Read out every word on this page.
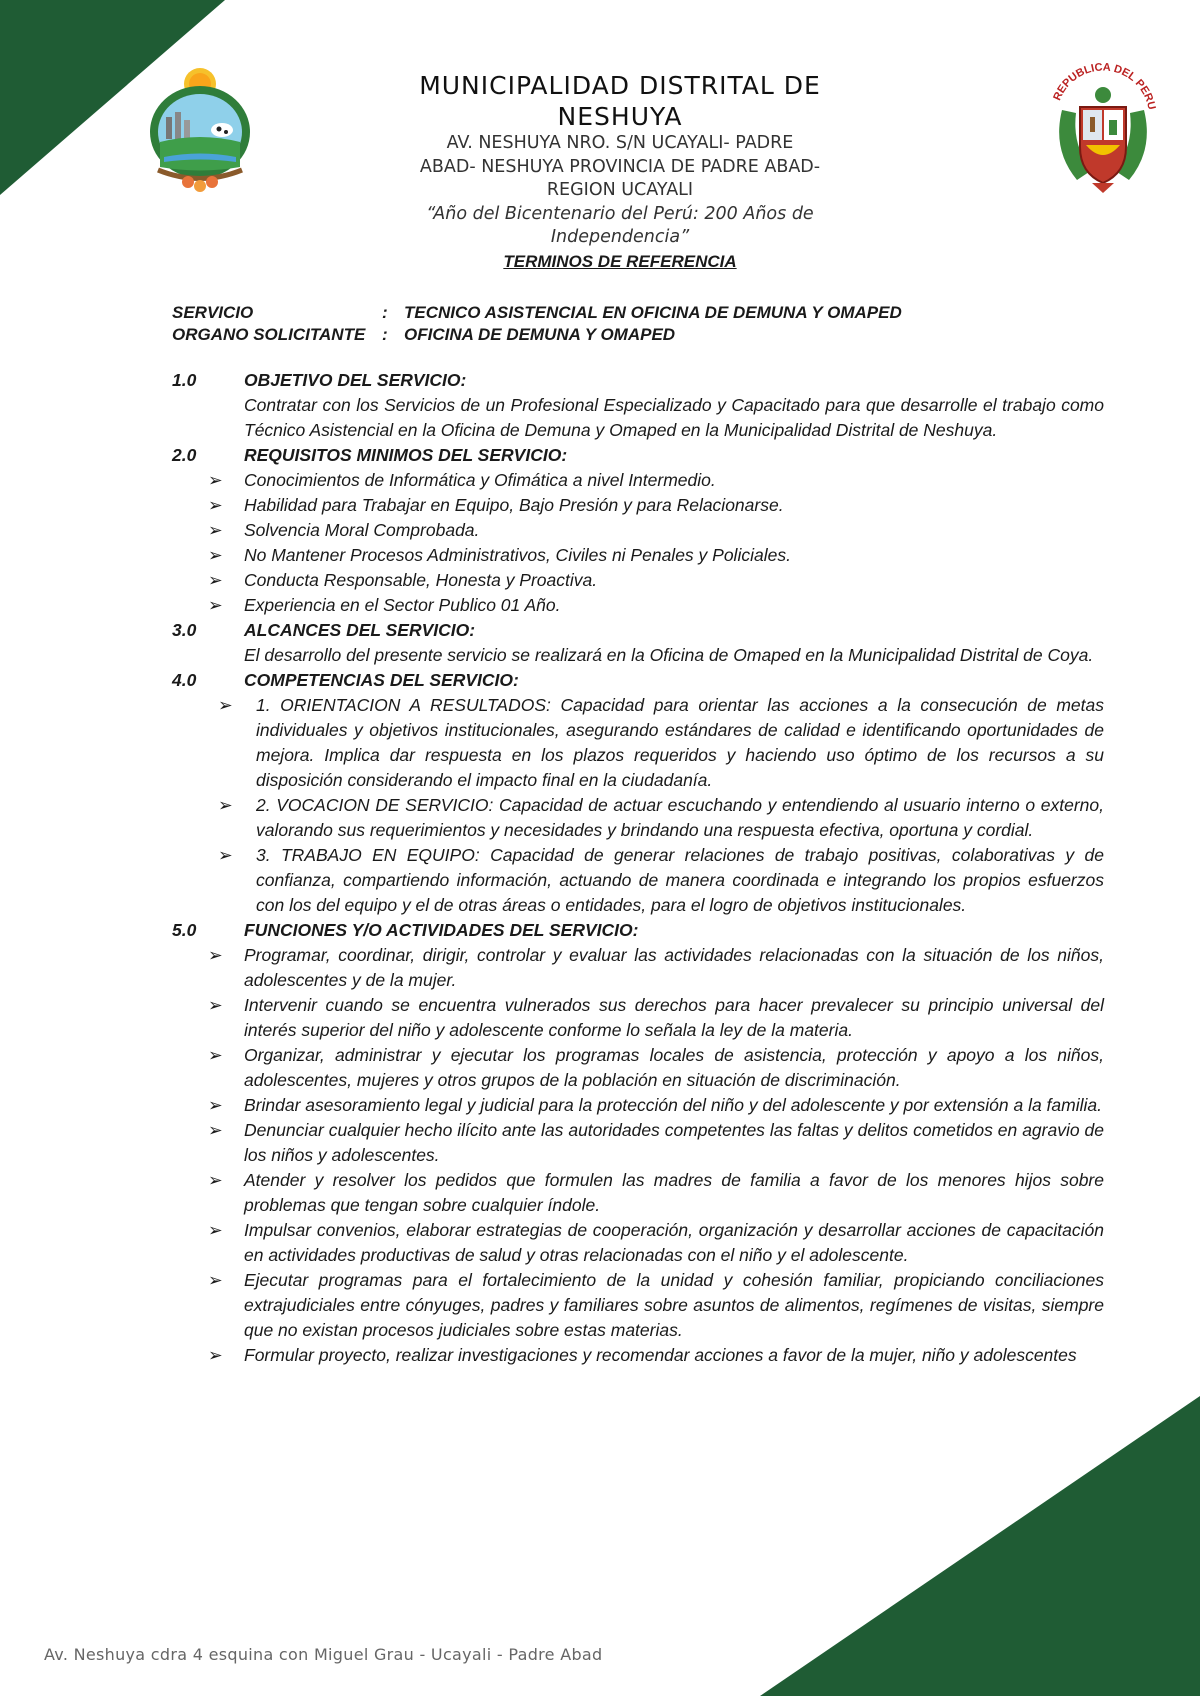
REPUBLICA DEL PERU
MUNICIPALIDAD DISTRITAL DE NESHUYA
AV. NESHUYA NRO. S/N UCAYALI- PADRE
ABAD- NESHUYA PROVINCIA DE PADRE ABAD-
REGION UCAYALI
“Año del Bicentenario del Perú: 200 Años de Independencia”
TERMINOS DE REFERENCIA
SERVICIO	: TECNICO ASISTENCIAL EN OFICINA DE DEMUNA Y OMAPED
ORGANO SOLICITANTE : OFICINA DE DEMUNA Y OMAPED
1.0	OBJETIVO DEL SERVICIO:
Contratar con los Servicios de un Profesional Especializado y Capacitado para que desarrolle el trabajo como Técnico Asistencial en la Oficina de Demuna y Omaped en la Municipalidad Distrital de Neshuya.
2.0	REQUISITOS MINIMOS DEL SERVICIO:
➢ Conocimientos de Informática y Ofimática a nivel Intermedio.
➢ Habilidad para Trabajar en Equipo, Bajo Presión y para Relacionarse.
➢ Solvencia Moral Comprobada.
➢ No Mantener Procesos Administrativos, Civiles ni Penales y Policiales.
➢ Conducta Responsable, Honesta y Proactiva.
➢ Experiencia en el Sector Publico 01 Año.
3.0	ALCANCES DEL SERVICIO:
El desarrollo del presente servicio se realizará en la Oficina de Omaped en la Municipalidad Distrital de Coya.
4.0	COMPETENCIAS DEL SERVICIO:
➢ 1. ORIENTACION A RESULTADOS: Capacidad para orientar las acciones a la consecución de metas individuales y objetivos institucionales, asegurando estándares de calidad e identificando oportunidades de mejora. Implica dar respuesta en los plazos requeridos y haciendo uso óptimo de los recursos a su disposición considerando el impacto final en la ciudadanía.
➢ 2. VOCACION DE SERVICIO: Capacidad de actuar escuchando y entendiendo al usuario interno o externo, valorando sus requerimientos y necesidades y brindando una respuesta efectiva, oportuna y cordial.
➢ 3. TRABAJO EN EQUIPO: Capacidad de generar relaciones de trabajo positivas, colaborativas y de confianza, compartiendo información, actuando de manera coordinada e integrando los propios esfuerzos con los del equipo y el de otras áreas o entidades, para el logro de objetivos institucionales.
5.0	FUNCIONES Y/O ACTIVIDADES DEL SERVICIO:
➢ Programar, coordinar, dirigir, controlar y evaluar las actividades relacionadas con la situación de los niños, adolescentes y de la mujer.
➢ Intervenir cuando se encuentra vulnerados sus derechos para hacer prevalecer su principio universal del interés superior del niño y adolescente conforme lo señala la ley de la materia.
➢ Organizar, administrar y ejecutar los programas locales de asistencia, protección y apoyo a los niños, adolescentes, mujeres y otros grupos de la población en situación de discriminación.
➢ Brindar asesoramiento legal y judicial para la protección del niño y del adolescente y por extensión a la familia.
➢ Denunciar cualquier hecho ilícito ante las autoridades competentes las faltas y delitos cometidos en agravio de los niños y adolescentes.
➢ Atender y resolver los pedidos que formulen las madres de familia a favor de los menores hijos sobre problemas que tengan sobre cualquier índole.
➢ Impulsar convenios, elaborar estrategias de cooperación, organización y desarrollar acciones de capacitación en actividades productivas de salud y otras relacionadas con el niño y el adolescente.
➢ Ejecutar programas para el fortalecimiento de la unidad y cohesión familiar, propiciando conciliaciones extrajudiciales entre cónyuges, padres y familiares sobre asuntos de alimentos, regímenes de visitas, siempre que no existan procesos judiciales sobre estas materias.
➢ Formular proyecto, realizar investigaciones y recomendar acciones a favor de la mujer, niño y adolescentes
Av. Neshuya cdra 4 esquina con Miguel Grau - Ucayali - Padre Abad
